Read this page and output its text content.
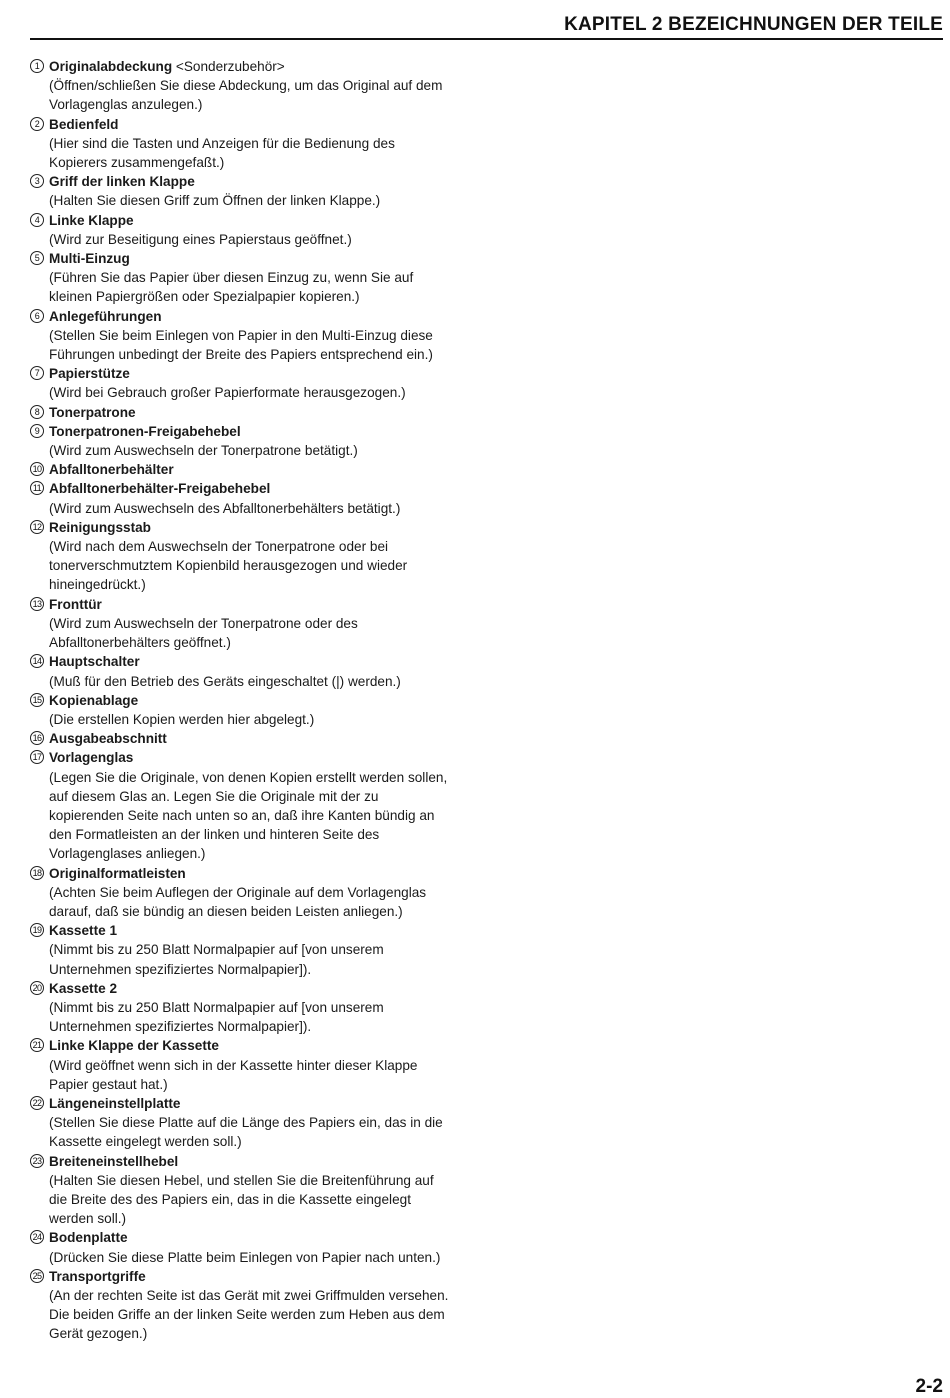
KAPITEL 2 BEZEICHNUNGEN DER TEILE
1 Originalabdeckung <Sonderzubehör>
(Öffnen/schließen Sie diese Abdeckung, um das Original auf dem
Vorlagenglas anzulegen.)
2 Bedienfeld
(Hier sind die Tasten und Anzeigen für die Bedienung des
Kopierers zusammengefaßt.)
3 Griff der linken Klappe
(Halten Sie diesen Griff zum Öffnen der linken Klappe.)
4 Linke Klappe
(Wird zur Beseitigung eines Papierstaus geöffnet.)
5 Multi-Einzug
(Führen Sie das Papier über diesen Einzug zu, wenn Sie auf
kleinen Papiergrößen oder Spezialpapier kopieren.)
6 Anlegeführungen
(Stellen Sie beim Einlegen von Papier in den Multi-Einzug diese
Führungen unbedingt der Breite des Papiers entsprechend ein.)
7 Papierstütze
(Wird bei Gebrauch großer Papierformate herausgezogen.)
8 Tonerpatrone
9 Tonerpatronen-Freigabehebel
(Wird zum Auswechseln der Tonerpatrone betätigt.)
10 Abfalltonerbehälter
11 Abfalltonerbehälter-Freigabehebel
(Wird zum Auswechseln des Abfalltonerbehälters betätigt.)
12 Reinigungsstab
(Wird nach dem Auswechseln der Tonerpatrone oder bei
tonerverschmutztem Kopienbild herausgezogen und wieder
hineingedrückt.)
13 Fronttür
(Wird zum Auswechseln der Tonerpatrone oder des
Abfalltonerbehälters geöffnet.)
14 Hauptschalter
(Muß für den Betrieb des Geräts eingeschaltet (|) werden.)
15 Kopienablage
(Die erstellen Kopien werden hier abgelegt.)
16 Ausgabeabschnitt
17 Vorlagenglas
(Legen Sie die Originale, von denen Kopien erstellt werden sollen,
auf diesem Glas an. Legen Sie die Originale mit der zu
kopierenden Seite nach unten so an, daß ihre Kanten bündig an
den Formatleisten an der linken und hinteren Seite des
Vorlagenglases anliegen.)
18 Originalformatleisten
(Achten Sie beim Auflegen der Originale auf dem Vorlagenglas
darauf, daß sie bündig an diesen beiden Leisten anliegen.)
19 Kassette 1
(Nimmt bis zu 250 Blatt Normalpapier auf [von unserem
Unternehmen spezifiziertes Normalpapier]).
20 Kassette 2
(Nimmt bis zu 250 Blatt Normalpapier auf [von unserem
Unternehmen spezifiziertes Normalpapier]).
21 Linke Klappe der Kassette
(Wird geöffnet wenn sich in der Kassette hinter dieser Klappe
Papier gestaut hat.)
22 Längeneinstellplatte
(Stellen Sie diese Platte auf die Länge des Papiers ein, das in die
Kassette eingelegt werden soll.)
23 Breiteneinstellhebel
(Halten Sie diesen Hebel, und stellen Sie die Breitenführung auf
die Breite des des Papiers ein, das in die Kassette eingelegt
werden soll.)
24 Bodenplatte
(Drücken Sie diese Platte beim Einlegen von Papier nach unten.)
25 Transportgriffe
(An der rechten Seite ist das Gerät mit zwei Griffmulden versehen.
Die beiden Griffe an der linken Seite werden zum Heben aus dem
Gerät gezogen.)
2-2
